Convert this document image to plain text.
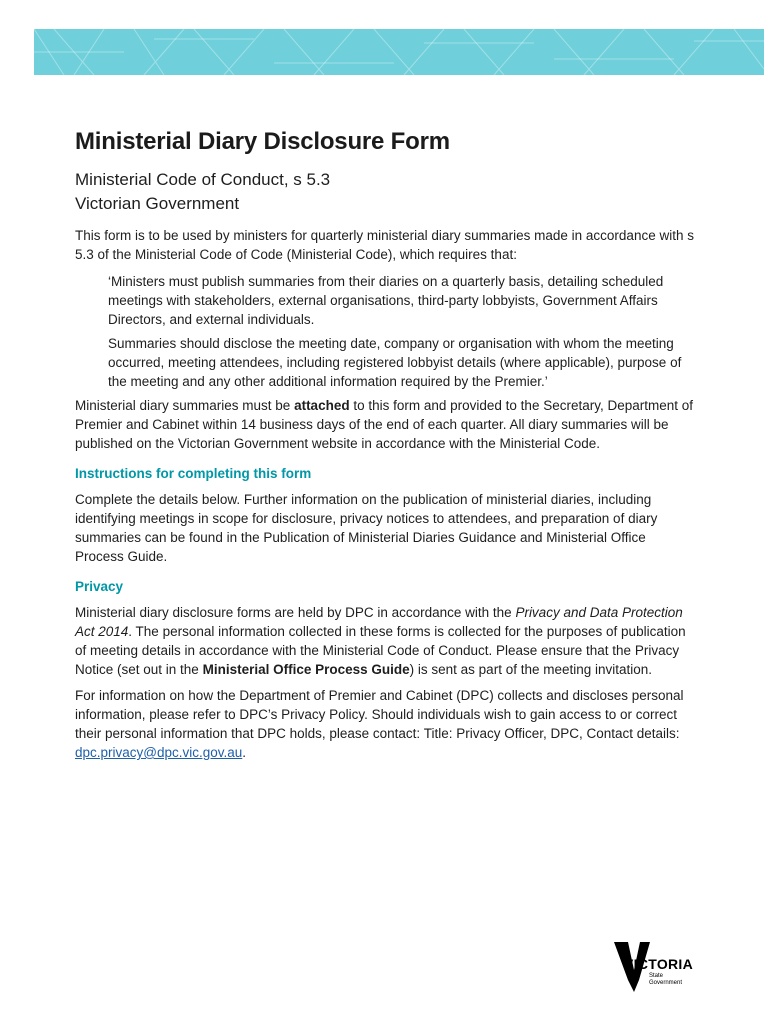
Ministerial Diary Disclosure Form

Ministerial Code of Conduct, s 5.3

Victorian Government

This form is to be used by ministers for quarterly ministerial diary summaries made in accordance with s 5.3 of the Ministerial Code of Code (Ministerial Code), which requires that:

‘Ministers must publish summaries from their diaries on a quarterly basis, detailing scheduled meetings with stakeholders, external organisations, third-party lobbyists, Government Affairs Directors, and external individuals.

Summaries should disclose the meeting date, company or organisation with whom the meeting occurred, meeting attendees, including registered lobbyist details (where applicable), purpose of the meeting and any other additional information required by the Premier.’

Ministerial diary summaries must be attached to this form and provided to the Secretary, Department of Premier and Cabinet within 14 business days of the end of each quarter. All diary summaries will be published on the Victorian Government website in accordance with the Ministerial Code.

Instructions for completing this form

Complete the details below. Further information on the publication of ministerial diaries, including identifying meetings in scope for disclosure, privacy notices to attendees, and preparation of diary summaries can be found in the Publication of Ministerial Diaries Guidance and Ministerial Office Process Guide.

Privacy

Ministerial diary disclosure forms are held by DPC in accordance with the Privacy and Data Protection Act 2014. The personal information collected in these forms is collected for the purposes of publication of meeting details in accordance with the Ministerial Code of Conduct. Please ensure that the Privacy Notice (set out in the Ministerial Office Process Guide) is sent as part of the meeting invitation.

For information on how the Department of Premier and Cabinet (DPC) collects and discloses personal information, please refer to DPC’s Privacy Policy. Should individuals wish to gain access to or correct their personal information that DPC holds, please contact: Title: Privacy Officer, DPC, Contact details: dpc.privacy@dpc.vic.gov.au.

VICTORIA
State
Government
